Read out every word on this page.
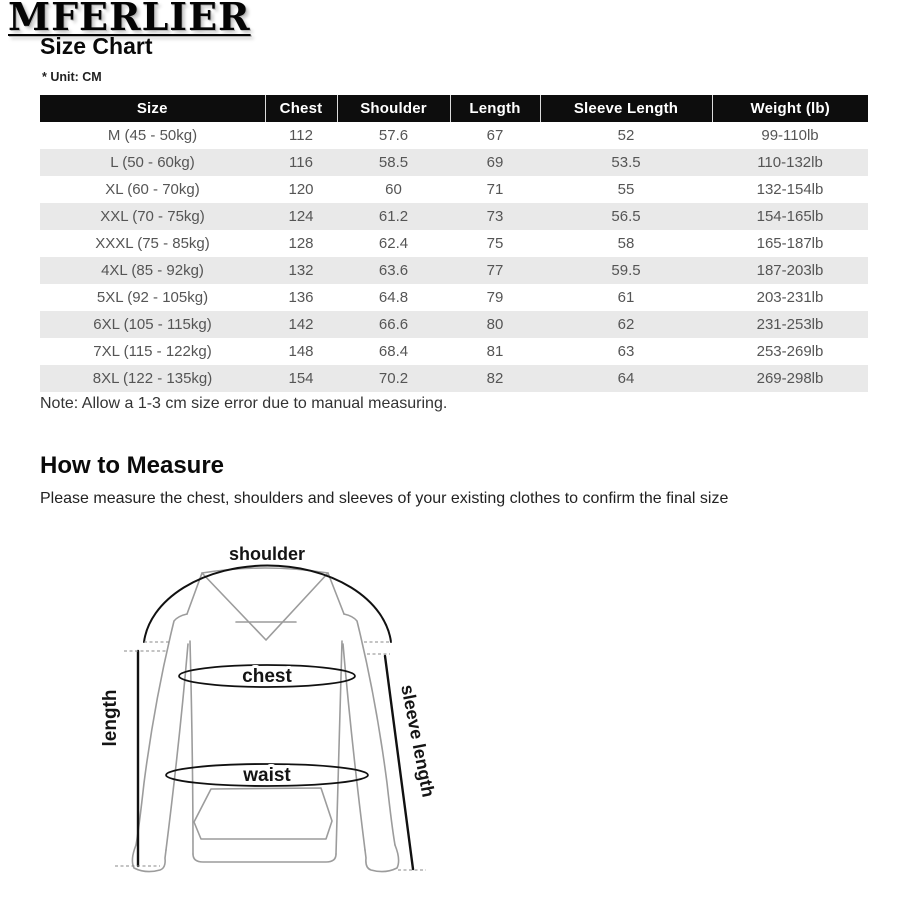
MFERLIER
Size Chart
* Unit: CM
Size	Chest	Shoulder	Length	Sleeve Length	Weight (lb)
M (45 - 50kg)	112	57.6	67	52	99-110lb
L (50 - 60kg)	116	58.5	69	53.5	110-132lb
XL (60 - 70kg)	120	60	71	55	132-154lb
XXL (70 - 75kg)	124	61.2	73	56.5	154-165lb
XXXL (75 - 85kg)	128	62.4	75	58	165-187lb
4XL (85 - 92kg)	132	63.6	77	59.5	187-203lb
5XL (92 - 105kg)	136	64.8	79	61	203-231lb
6XL (105 - 115kg)	142	66.6	80	62	231-253lb
7XL (115 - 122kg)	148	68.4	81	63	253-269lb
8XL (122 - 135kg)	154	70.2	82	64	269-298lb
Note: Allow a 1-3 cm size error due to manual measuring.
How to Measure
Please measure the chest, shoulders and sleeves of your existing clothes to confirm the final size
shoulder
chest
waist
length	sleeve length
